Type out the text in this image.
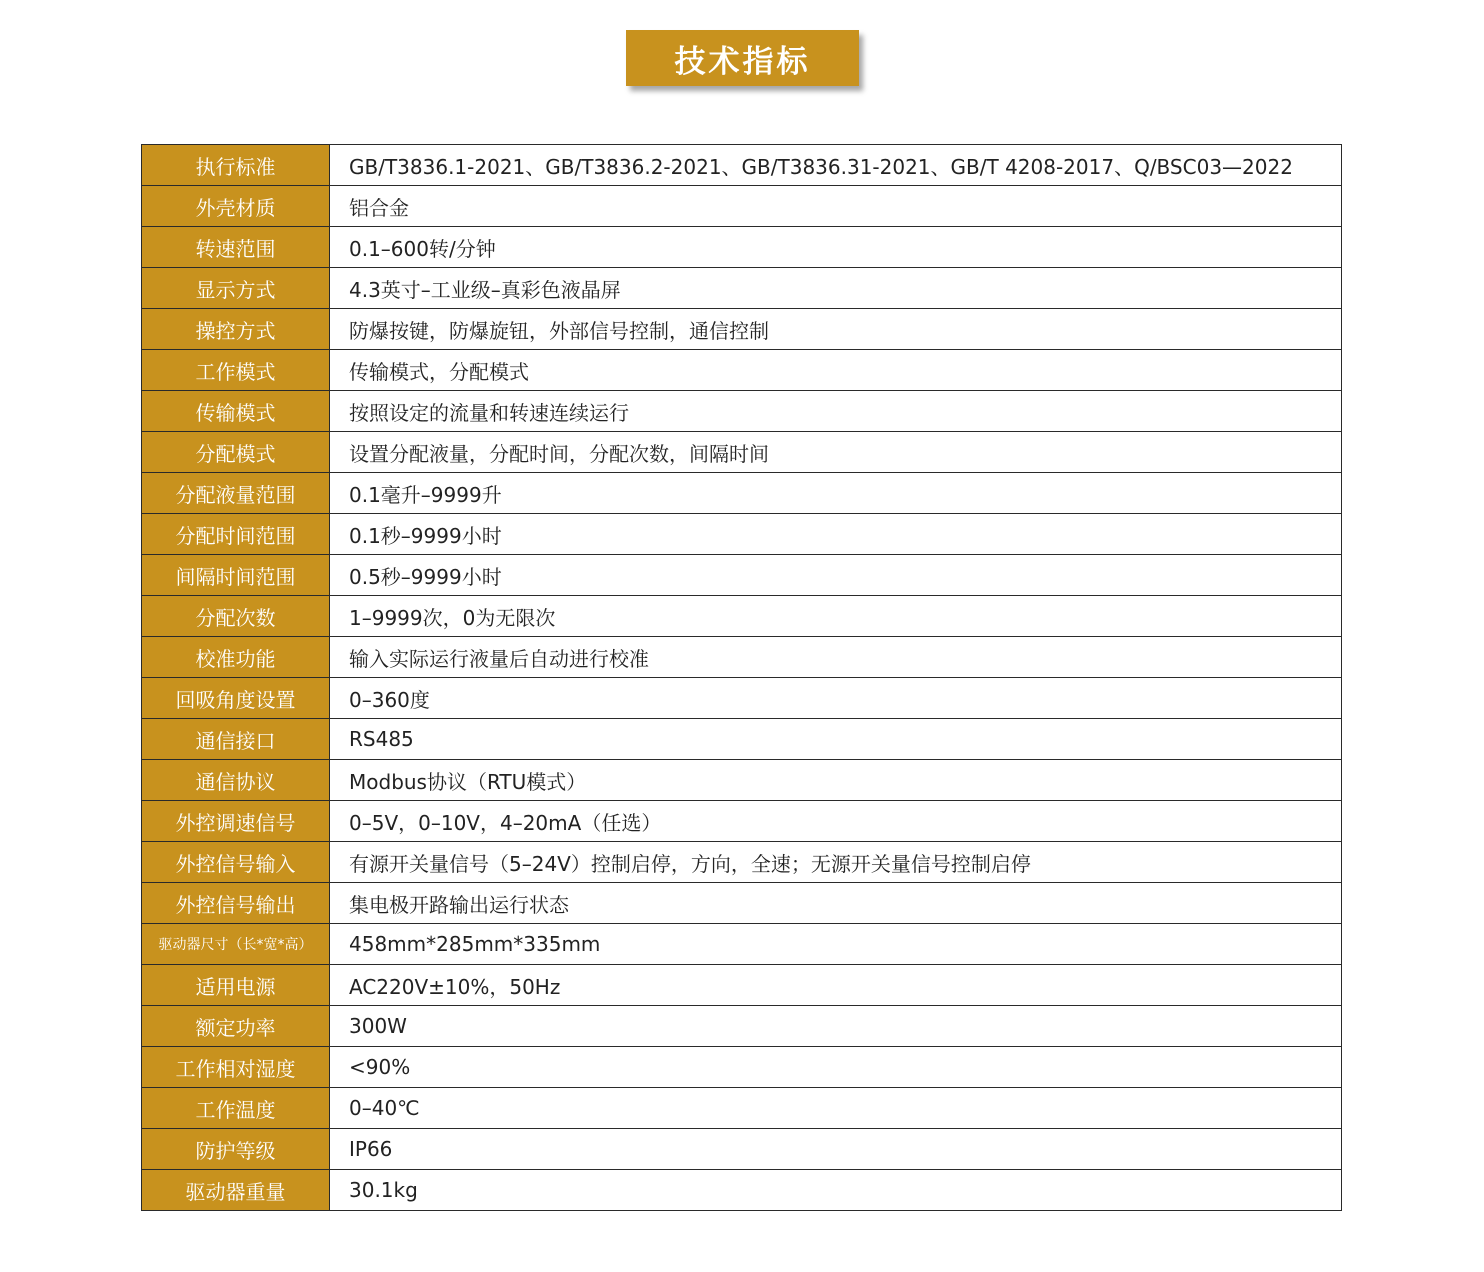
技术指标
执行标准	GB/T3836.1-2021、GB/T3836.2-2021、GB/T3836.31-2021、GB/T 4208-2017、Q/BSC03—2022
外壳材质	铝合金
转速范围	0.1–600转/分钟
显示方式	4.3英寸–工业级–真彩色液晶屏
操控方式	防爆按键，防爆旋钮，外部信号控制，通信控制
工作模式	传输模式，分配模式
传输模式	按照设定的流量和转速连续运行
分配模式	设置分配液量，分配时间，分配次数，间隔时间
分配液量范围	0.1毫升–9999升
分配时间范围	0.1秒–9999小时
间隔时间范围	0.5秒–9999小时
分配次数	1–9999次，0为无限次
校准功能	输入实际运行液量后自动进行校准
回吸角度设置	0–360度
通信接口	RS485
通信协议	Modbus协议（RTU模式）
外控调速信号	0–5V，0–10V，4–20mA（任选）
外控信号输入	有源开关量信号（5–24V）控制启停，方向，全速；无源开关量信号控制启停
外控信号输出	集电极开路输出运行状态
驱动器尺寸（长*宽*高）	458mm*285mm*335mm
适用电源	AC220V±10%，50Hz
额定功率	300W
工作相对湿度	<90%
工作温度	0–40℃
防护等级	IP66
驱动器重量	30.1kg
